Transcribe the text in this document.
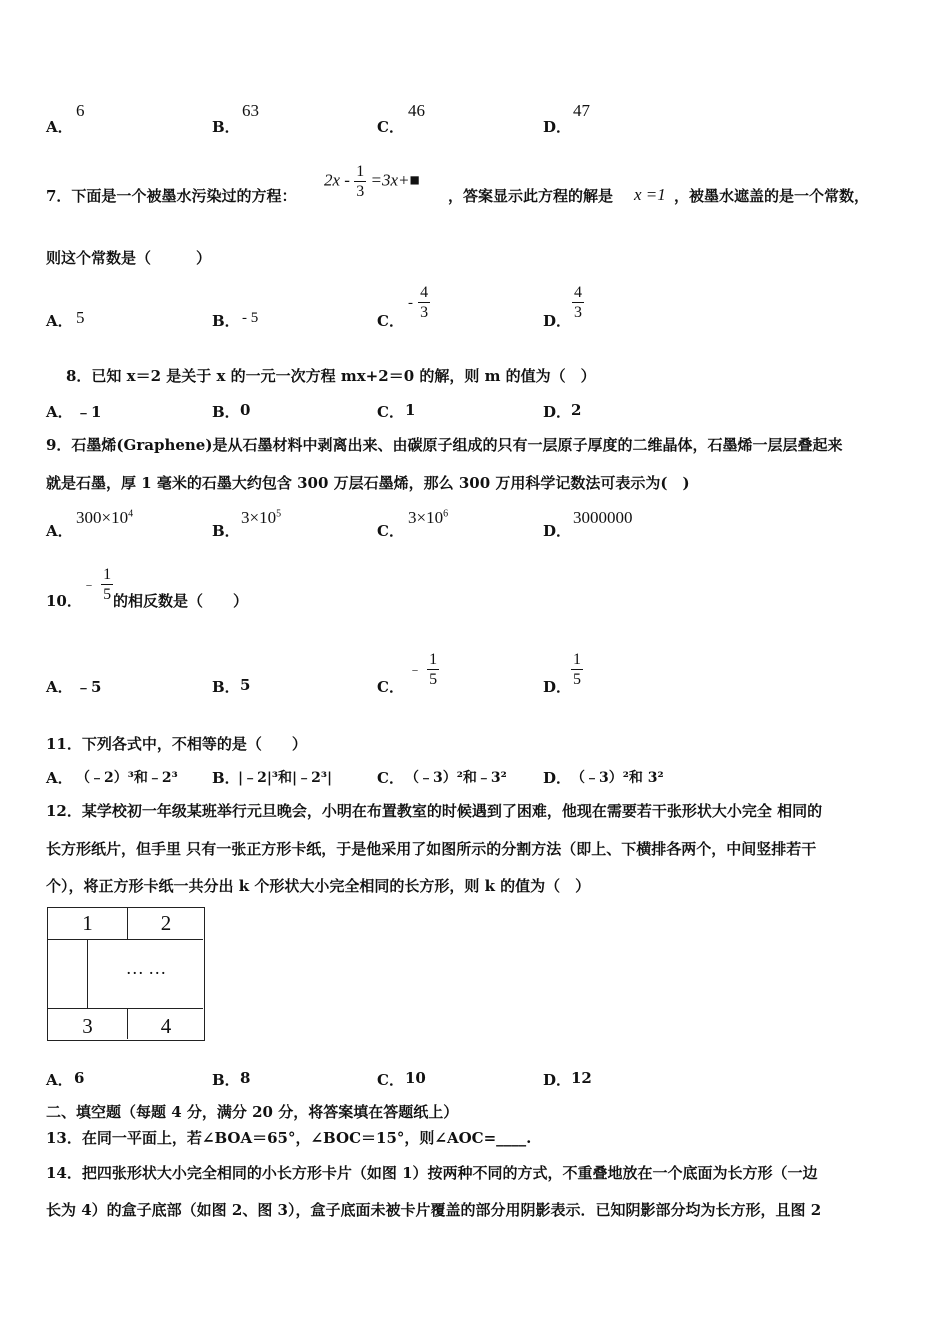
A．
6
B．
63
C．
46
D．
47
7．下面是一个被墨水污染过的方程：
$2x - \frac{1}{3}$ =3x+■
，答案显示此方程的解是 x =1 ，被墨水遮盖的是一个常数，
则这个常数是（　　　）
A． 5	B． - 5	C．
- $\frac{4}{3}$	D． $\frac{4}{3}$
8．已知 x＝2 是关于 x 的一元一次方程 mx+2＝0 的解，则 m 的值为（　）
A． ﹣1	B． 0	C． 1	D． 2
9．石墨烯(Graphene)是从石墨材料中剥离出来、由碳原子组成的只有一层原子厚度的二维晶体，石墨烯一层层叠起来
就是石墨，厚 1 毫米的石墨大约包含 300 万层石墨烯，那么 300 万用科学记数法可表示为(　)
A．
$300\times 10^4$
B．
$3\times 10^5$
C．
$3\times 10^6$
D．
3000000
10．
﹣ $\frac{1}{5}$ 的相反数是（　　）
A． ﹣5	B． 5	C．
﹣ $\frac{1}{5}$	D． $\frac{1}{5}$
11．下列各式中，不相等的是（　　）
A． （﹣2）³和﹣2³ B．
|﹣2|³和|﹣2³|	C． （﹣3）²和﹣3² D． （﹣3）²和 3²
12．某学校初一年级某班举行元旦晚会，小明在布置教室的时候遇到了困难，他现在需要若干张形状大小完全 相同的
长方形纸片，但手里 只有一张正方形卡纸，于是他采用了如图所示的分割方法（即上、下横排各两个，中间竖排若干
个），将正方形卡纸一共分出 k 个形状大小完全相同的长方形，则 k 的值为（　）
1	2
… …
3	4
A． 6	B． 8	C． 10	D． 12
二、填空题（每题 4 分，满分 20 分，将答案填在答题纸上）
13．在同一平面上，若∠BOA＝65°，∠BOC＝15°，则∠AOC=____.
14．把四张形状大小完全相同的小长方形卡片（如图 1）按两种不同的方式，不重叠地放在一个底面为长方形（一边
长为 4）的盒子底部（如图 2、图 3），盒子底面未被卡片覆盖的部分用阴影表示．已知阴影部分均为长方形，且图 2
